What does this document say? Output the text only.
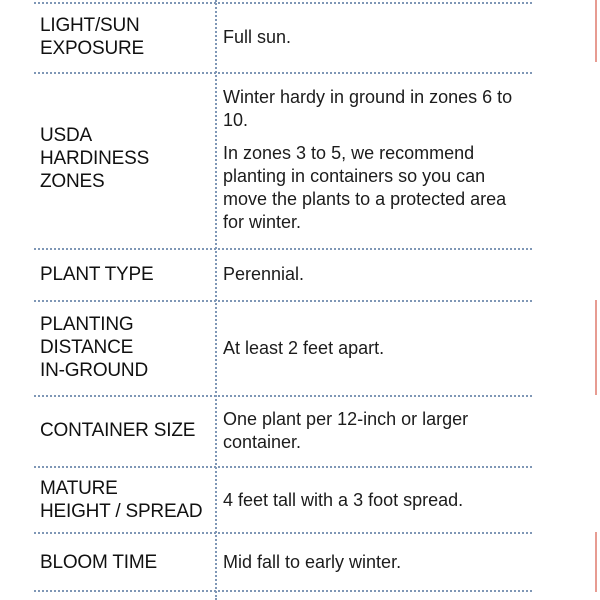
LIGHT/SUN
EXPOSURE

Full sun.

USDA
HARDINESS
ZONES

Winter hardy in ground in zones 6 to 10.

In zones 3 to 5, we recommend planting in containers so you can move the plants to a protected area for winter.

PLANT TYPE	Perennial.

PLANTING
DISTANCE
IN-GROUND

At least 2 feet apart.

CONTAINER SIZE

One plant per 12-inch or larger container.

MATURE
HEIGHT / SPREAD

4 feet tall with a 3 foot spread.

BLOOM TIME	Mid fall to early winter.
